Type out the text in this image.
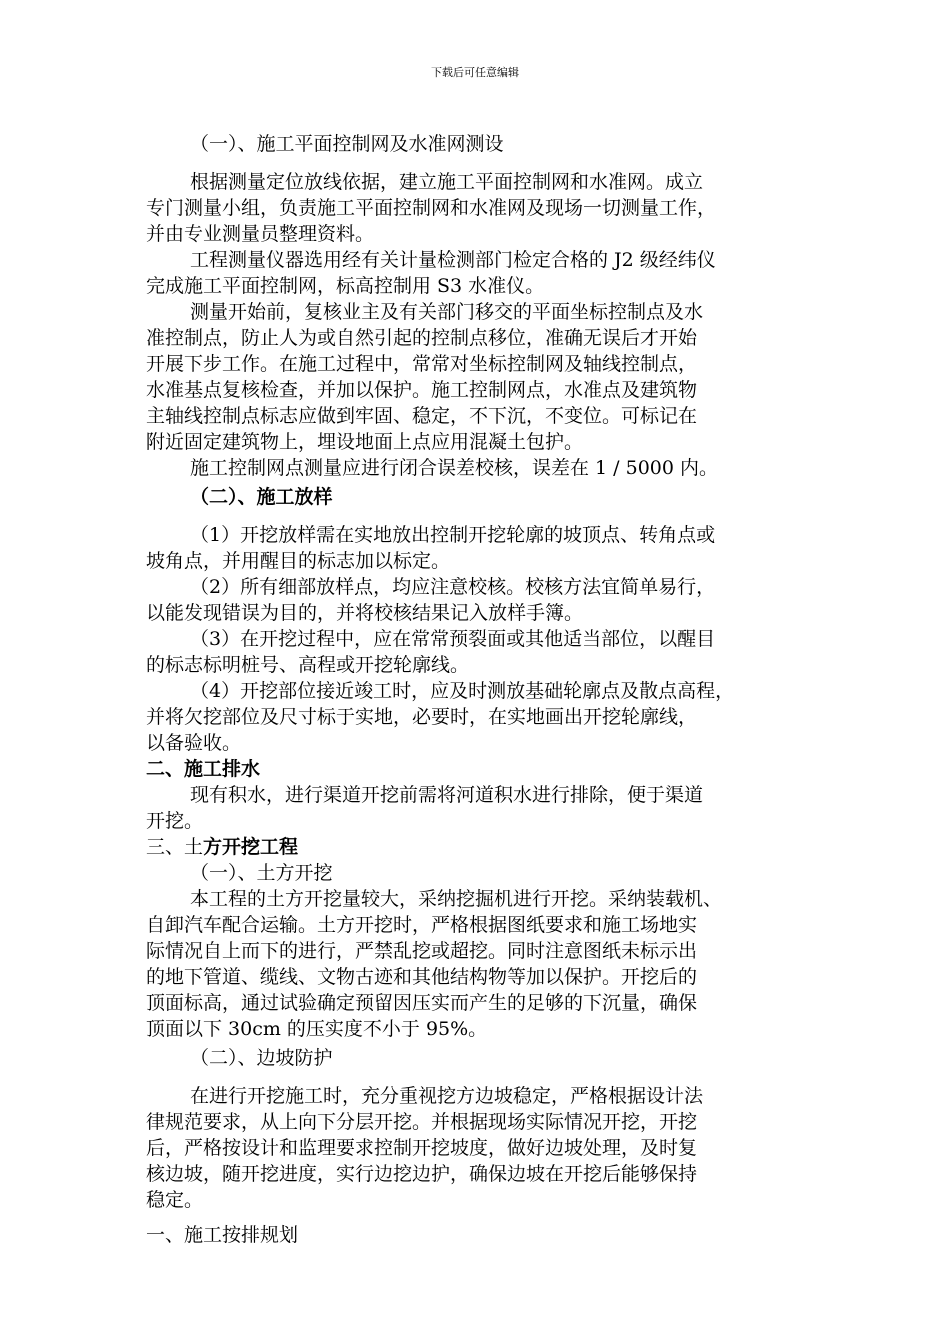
下载后可任意编辑
（一）、施工平面控制网及水准网测设
根据测量定位放线依据，建立施工平面控制网和水准网。成立
专门测量小组，负责施工平面控制网和水准网及现场一切测量工作，
并由专业测量员整理资料。
工程测量仪器选用经有关计量检测部门检定合格的 J2 级经纬仪
完成施工平面控制网，标高控制用 S3 水准仪。
测量开始前，复核业主及有关部门移交的平面坐标控制点及水
准控制点，防止人为或自然引起的控制点移位，准确无误后才开始
开展下步工作。在施工过程中，常常对坐标控制网及轴线控制点，
水准基点复核检查，并加以保护。施工控制网点，水准点及建筑物
主轴线控制点标志应做到牢固、稳定，不下沉，不变位。可标记在
附近固定建筑物上，埋设地面上点应用混凝土包护。
施工控制网点测量应进行闭合误差校核，误差在 1 / 5000 内。
（二）、施工放样
（1）开挖放样需在实地放出控制开挖轮廓的坡顶点、转角点或
坡角点，并用醒目的标志加以标定。
（2）所有细部放样点，均应注意校核。校核方法宜简单易行，
以能发现错误为目的，并将校核结果记入放样手簿。
（3）在开挖过程中，应在常常预裂面或其他适当部位，以醒目
的标志标明桩号、高程或开挖轮廓线。
（4）开挖部位接近竣工时，应及时测放基础轮廓点及散点高程，
并将欠挖部位及尺寸标于实地，必要时，在实地画出开挖轮廓线，
以备验收。
二、施工排水
现有积水，进行渠道开挖前需将河道积水进行排除，便于渠道
开挖。
三、土方开挖工程
（一）、土方开挖
本工程的土方开挖量较大，采纳挖掘机进行开挖。采纳装载机、
自卸汽车配合运输。土方开挖时，严格根据图纸要求和施工场地实
际情况自上而下的进行，严禁乱挖或超挖。同时注意图纸未标示出
的地下管道、缆线、文物古迹和其他结构物等加以保护。开挖后的
顶面标高，通过试验确定预留因压实而产生的足够的下沉量，确保
顶面以下 30cm 的压实度不小于 95%。
（二）、边坡防护
在进行开挖施工时，充分重视挖方边坡稳定，严格根据设计法
律规范要求，从上向下分层开挖。并根据现场实际情况开挖，开挖
后，严格按设计和监理要求控制开挖坡度，做好边坡处理，及时复
核边坡，随开挖进度，实行边挖边护，确保边坡在开挖后能够保持
稳定。
一、施工按排规划
